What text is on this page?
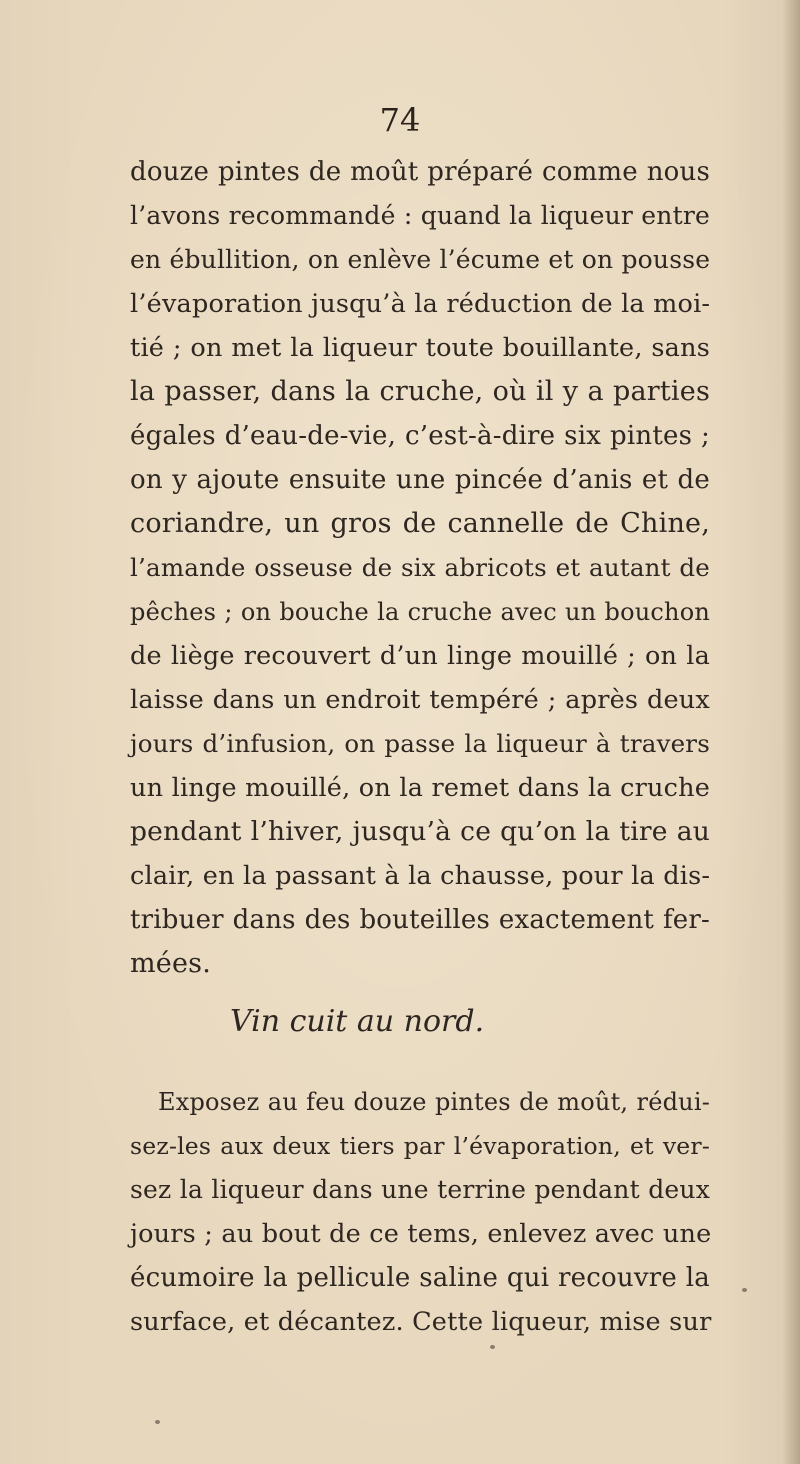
74
douze pintes de moût préparé comme nous
l’avons recommandé : quand la liqueur entre
en ébullition, on enlève l’écume et on pousse
l’évaporation jusqu’à la réduction de la moi-
tié ; on met la liqueur toute bouillante, sans
la passer, dans la cruche, où il y a parties
égales d’eau-de-vie, c’est-à-dire six pintes ;
on y ajoute ensuite une pincée d’anis et de
coriandre, un gros de cannelle de Chine,
l’amande osseuse de six abricots et autant de
pêches ; on bouche la cruche avec un bouchon
de liège recouvert d’un linge mouillé ; on la
laisse dans un endroit tempéré ; après deux
jours d’infusion, on passe la liqueur à travers
un linge mouillé, on la remet dans la cruche
pendant l’hiver, jusqu’à ce qu’on la tire au
clair, en la passant à la chausse, pour la dis-
tribuer dans des bouteilles exactement fer-
mées.
Vin cuit au nord.
Exposez au feu douze pintes de moût, rédui-
sez-les aux deux tiers par l’évaporation, et ver-
sez la liqueur dans une terrine pendant deux
jours ; au bout de ce tems, enlevez avec une
écumoire la pellicule saline qui recouvre la
surface, et décantez. Cette liqueur, mise sur
